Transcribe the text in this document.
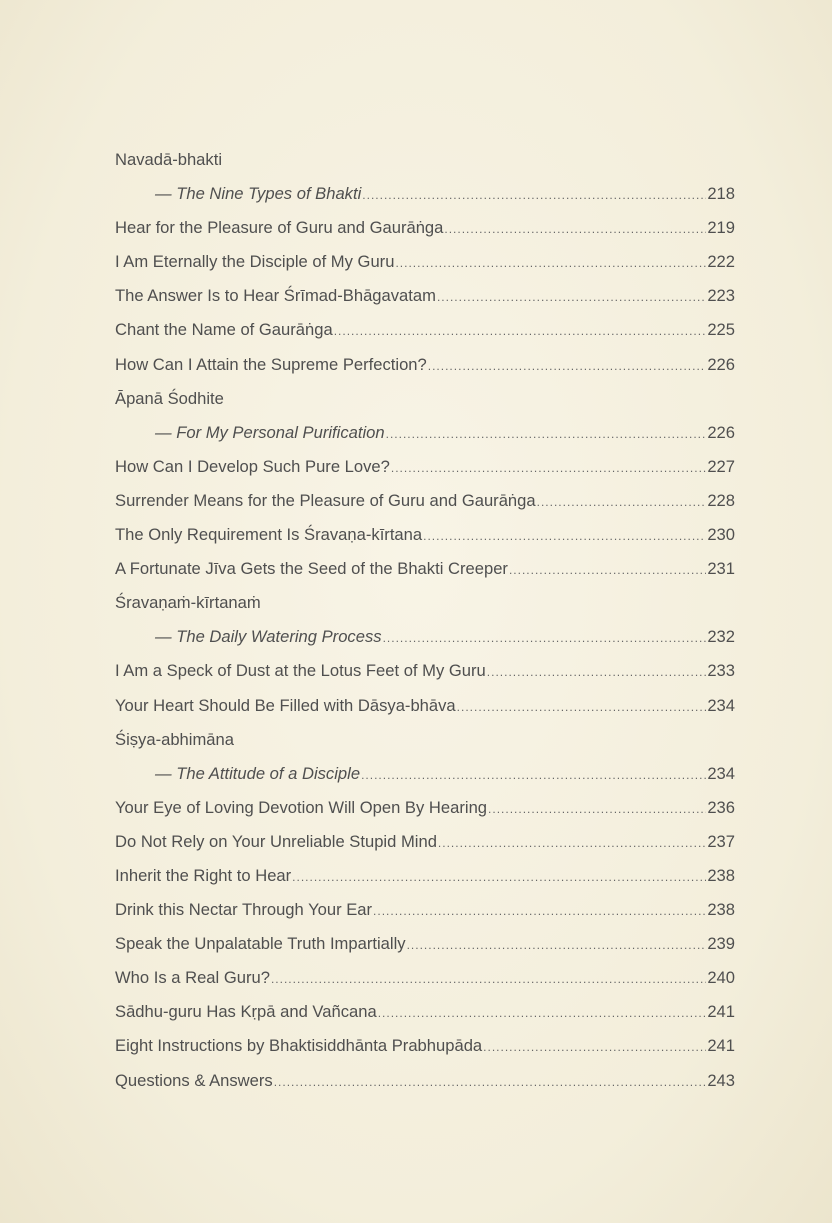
Navadā-bhakti
— The Nine Types of Bhakti .....	218
Hear for the Pleasure of Guru and Gaurāṅga .....	219
I Am Eternally the Disciple of My Guru .....	222
The Answer Is to Hear Śrīmad-Bhāgavatam .....	223
Chant the Name of Gaurāṅga .....	225
How Can I Attain the Supreme Perfection? .....	226
Āpanā Śodhite
— For My Personal Purification .....	226
How Can I Develop Such Pure Love? .....	227
Surrender Means for the Pleasure of Guru and Gaurāṅga .....	228
The Only Requirement Is Śravaṇa-kīrtana .....	230
A Fortunate Jīva Gets the Seed of the Bhakti Creeper .....	231
Śravaṇaṁ-kīrtanaṁ
— The Daily Watering Process .....	232
I Am a Speck of Dust at the Lotus Feet of My Guru .....	233
Your Heart Should Be Filled with Dāsya-bhāva .....	234
Śiṣya-abhimāna
— The Attitude of a Disciple .....	234
Your Eye of Loving Devotion Will Open By Hearing .....	236
Do Not Rely on Your Unreliable Stupid Mind .....	237
Inherit the Right to Hear .....	238
Drink this Nectar Through Your Ear .....	238
Speak the Unpalatable Truth Impartially .....	239
Who Is a Real Guru? .....	240
Sādhu-guru Has Kṛpā and Vañcana .....	241
Eight Instructions by Bhaktisiddhānta Prabhupāda .....	241
Questions & Answers .....	243
